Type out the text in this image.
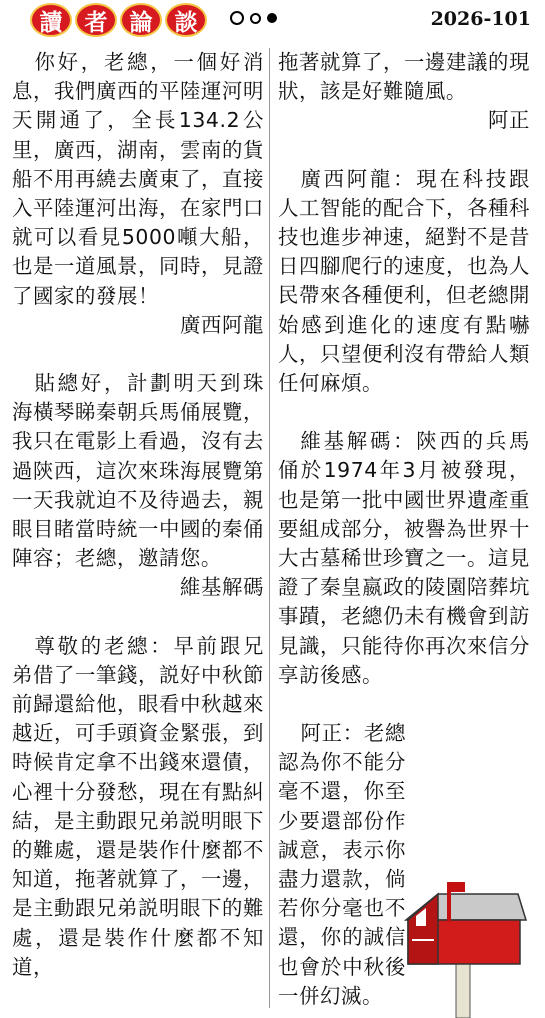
讀 者 論 談	2026-101

你好，老總，一個好消息，我們廣西的平陸運河明天開通了，全長134.2公里，廣西，湖南，雲南的貨船不用再繞去廣東了，直接入平陸運河出海，在家門口就可以看見5000噸大船，也是一道風景，同時，見證了國家的發展！

廣西阿龍

貼總好，計劃明天到珠海橫琴睇秦朝兵馬俑展覽，我只在電影上看過，沒有去過陝西，這次來珠海展覽第一天我就迫不及待過去，親眼目睹當時統一中國的秦俑陣容；老總，邀請您。

維基解碼

尊敬的老總：早前跟兄弟借了一筆錢，説好中秋節前歸還給他，眼看中秋越來越近，可手頭資金緊張，到時候肯定拿不出錢來還債，心裡十分發愁，現在有點糾結，是主動跟兄弟説明眼下的難處，還是裝作什麼都不知道，拖著就算了，一邊，是主動跟兄弟説明眼下的難處，還是裝作什麼都不知道，

拖著就算了，一邊建議的現狀，該是好難隨風。

阿正

廣西阿龍：現在科技跟人工智能的配合下，各種科技也進步神速，絕對不是昔日四腳爬行的速度，也為人民帶來各種便利，但老總開始感到進化的速度有點嚇人，只望便利沒有帶給人類任何麻煩。

維基解碼：陝西的兵馬俑於1974年3月被發現，也是第一批中國世界遺產重要組成部分，被譽為世界十大古墓稀世珍寶之一。這見證了秦皇嬴政的陵園陪葬坑事蹟，老總仍未有機會到訪見識，只能待你再次來信分享訪後感。

阿正：老總認為你不能分毫不還，你至少要還部份作誠意，表示你盡力還款，倘若你分毫也不還，你的誠信也會於中秋後一併幻滅。
